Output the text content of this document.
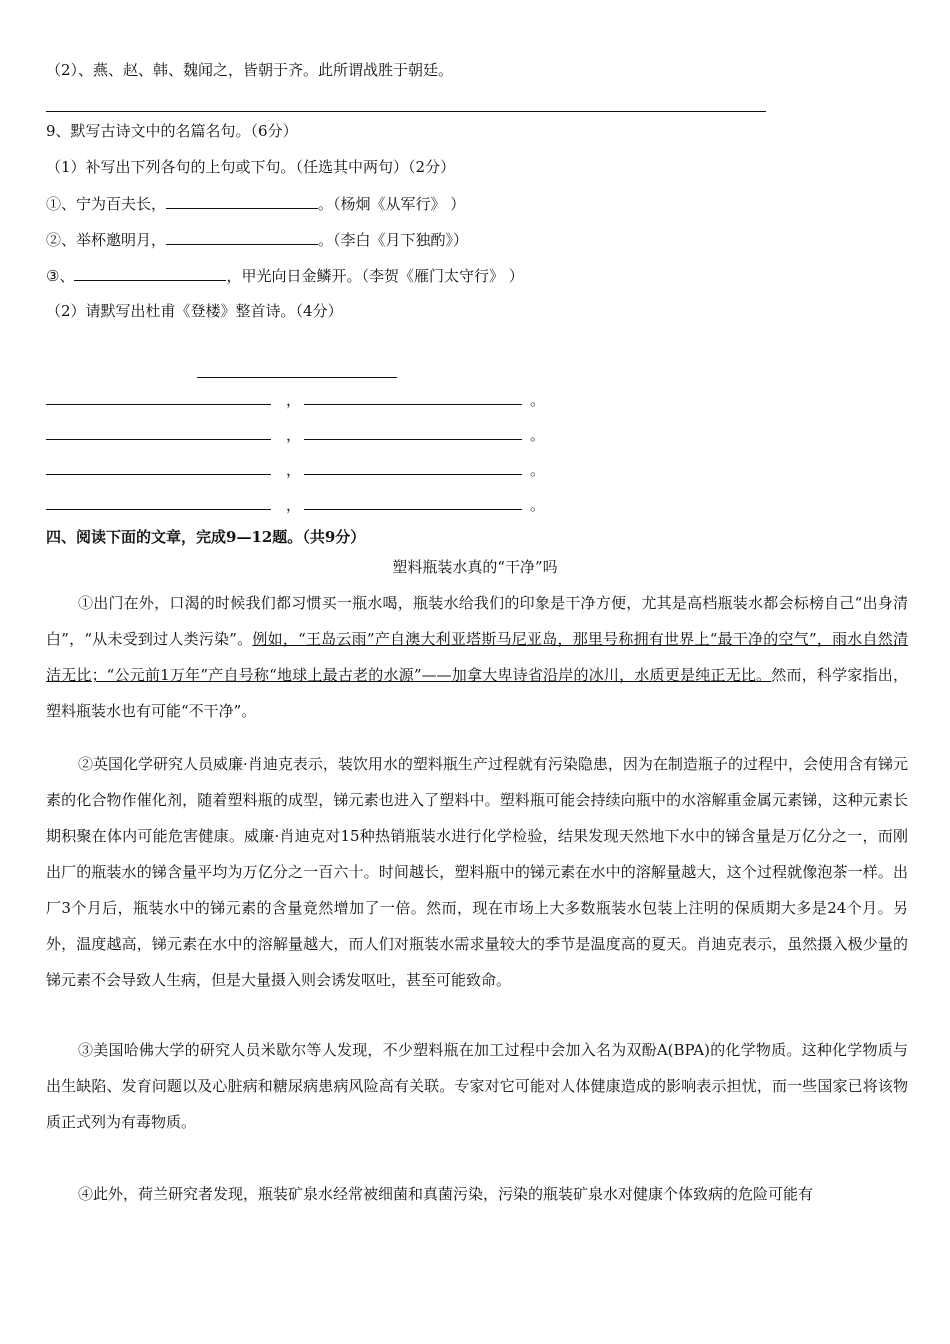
（2）、燕、赵、韩、魏闻之，皆朝于齐。此所谓战胜于朝廷。
9、默写古诗文中的名篇名句。（6分）
（1）补写出下列各句的上句或下句。（任选其中两句）（2分）
①、宁为百夫长，	。（杨炯《从军行》 ）
②、举杯邀明月，	。（李白《月下独酌》）
③、	，甲光向日金鳞开。（李贺《雁门太守行》 ）
（2）请默写出杜甫《登楼》整首诗。（4分）
，	。
，	。
，	。
，	。
四、阅读下面的文章，完成9—12题。（共9分）
塑料瓶装水真的“干净”吗
①出门在外，口渴的时候我们都习惯买一瓶水喝，瓶装水给我们的印象是干净方便，尤其是高档瓶装水都会标榜自己“出身清白”，“从未受到过人类污染”。例如，“王岛云雨”产自澳大利亚塔斯马尼亚岛，那里号称拥有世界上“最干净的空气”，雨水自然清洁无比；“公元前1万年”产自号称“地球上最古老的水源”——加拿大卑诗省沿岸的冰川，水质更是纯正无比。然而，科学家指出，塑料瓶装水也有可能“不干净”。
②英国化学研究人员威廉·肖迪克表示，装饮用水的塑料瓶生产过程就有污染隐患，因为在制造瓶子的过程中，会使用含有锑元素的化合物作催化剂，随着塑料瓶的成型，锑元素也进入了塑料中。塑料瓶可能会持续向瓶中的水溶解重金属元素锑，这种元素长期积聚在体内可能危害健康。威廉·肖迪克对15种热销瓶装水进行化学检验，结果发现天然地下水中的锑含量是万亿分之一，而刚出厂的瓶装水的锑含量平均为万亿分之一百六十。时间越长，塑料瓶中的锑元素在水中的溶解量越大，这个过程就像泡茶一样。出厂3个月后，瓶装水中的锑元素的含量竟然增加了一倍。然而，现在市场上大多数瓶装水包装上注明的保质期大多是24个月。另外，温度越高，锑元素在水中的溶解量越大，而人们对瓶装水需求量较大的季节是温度高的夏天。肖迪克表示，虽然摄入极少量的锑元素不会导致人生病，但是大量摄入则会诱发呕吐，甚至可能致命。
③美国哈佛大学的研究人员米歇尔等人发现，不少塑料瓶在加工过程中会加入名为双酚A(BPA)的化学物质。这种化学物质与出生缺陷、发育问题以及心脏病和糖尿病患病风险高有关联。专家对它可能对人体健康造成的影响表示担忧，而一些国家已将该物质正式列为有毒物质。
④此外，荷兰研究者发现，瓶装矿泉水经常被细菌和真菌污染，污染的瓶装矿泉水对健康个体致病的危险可能有
